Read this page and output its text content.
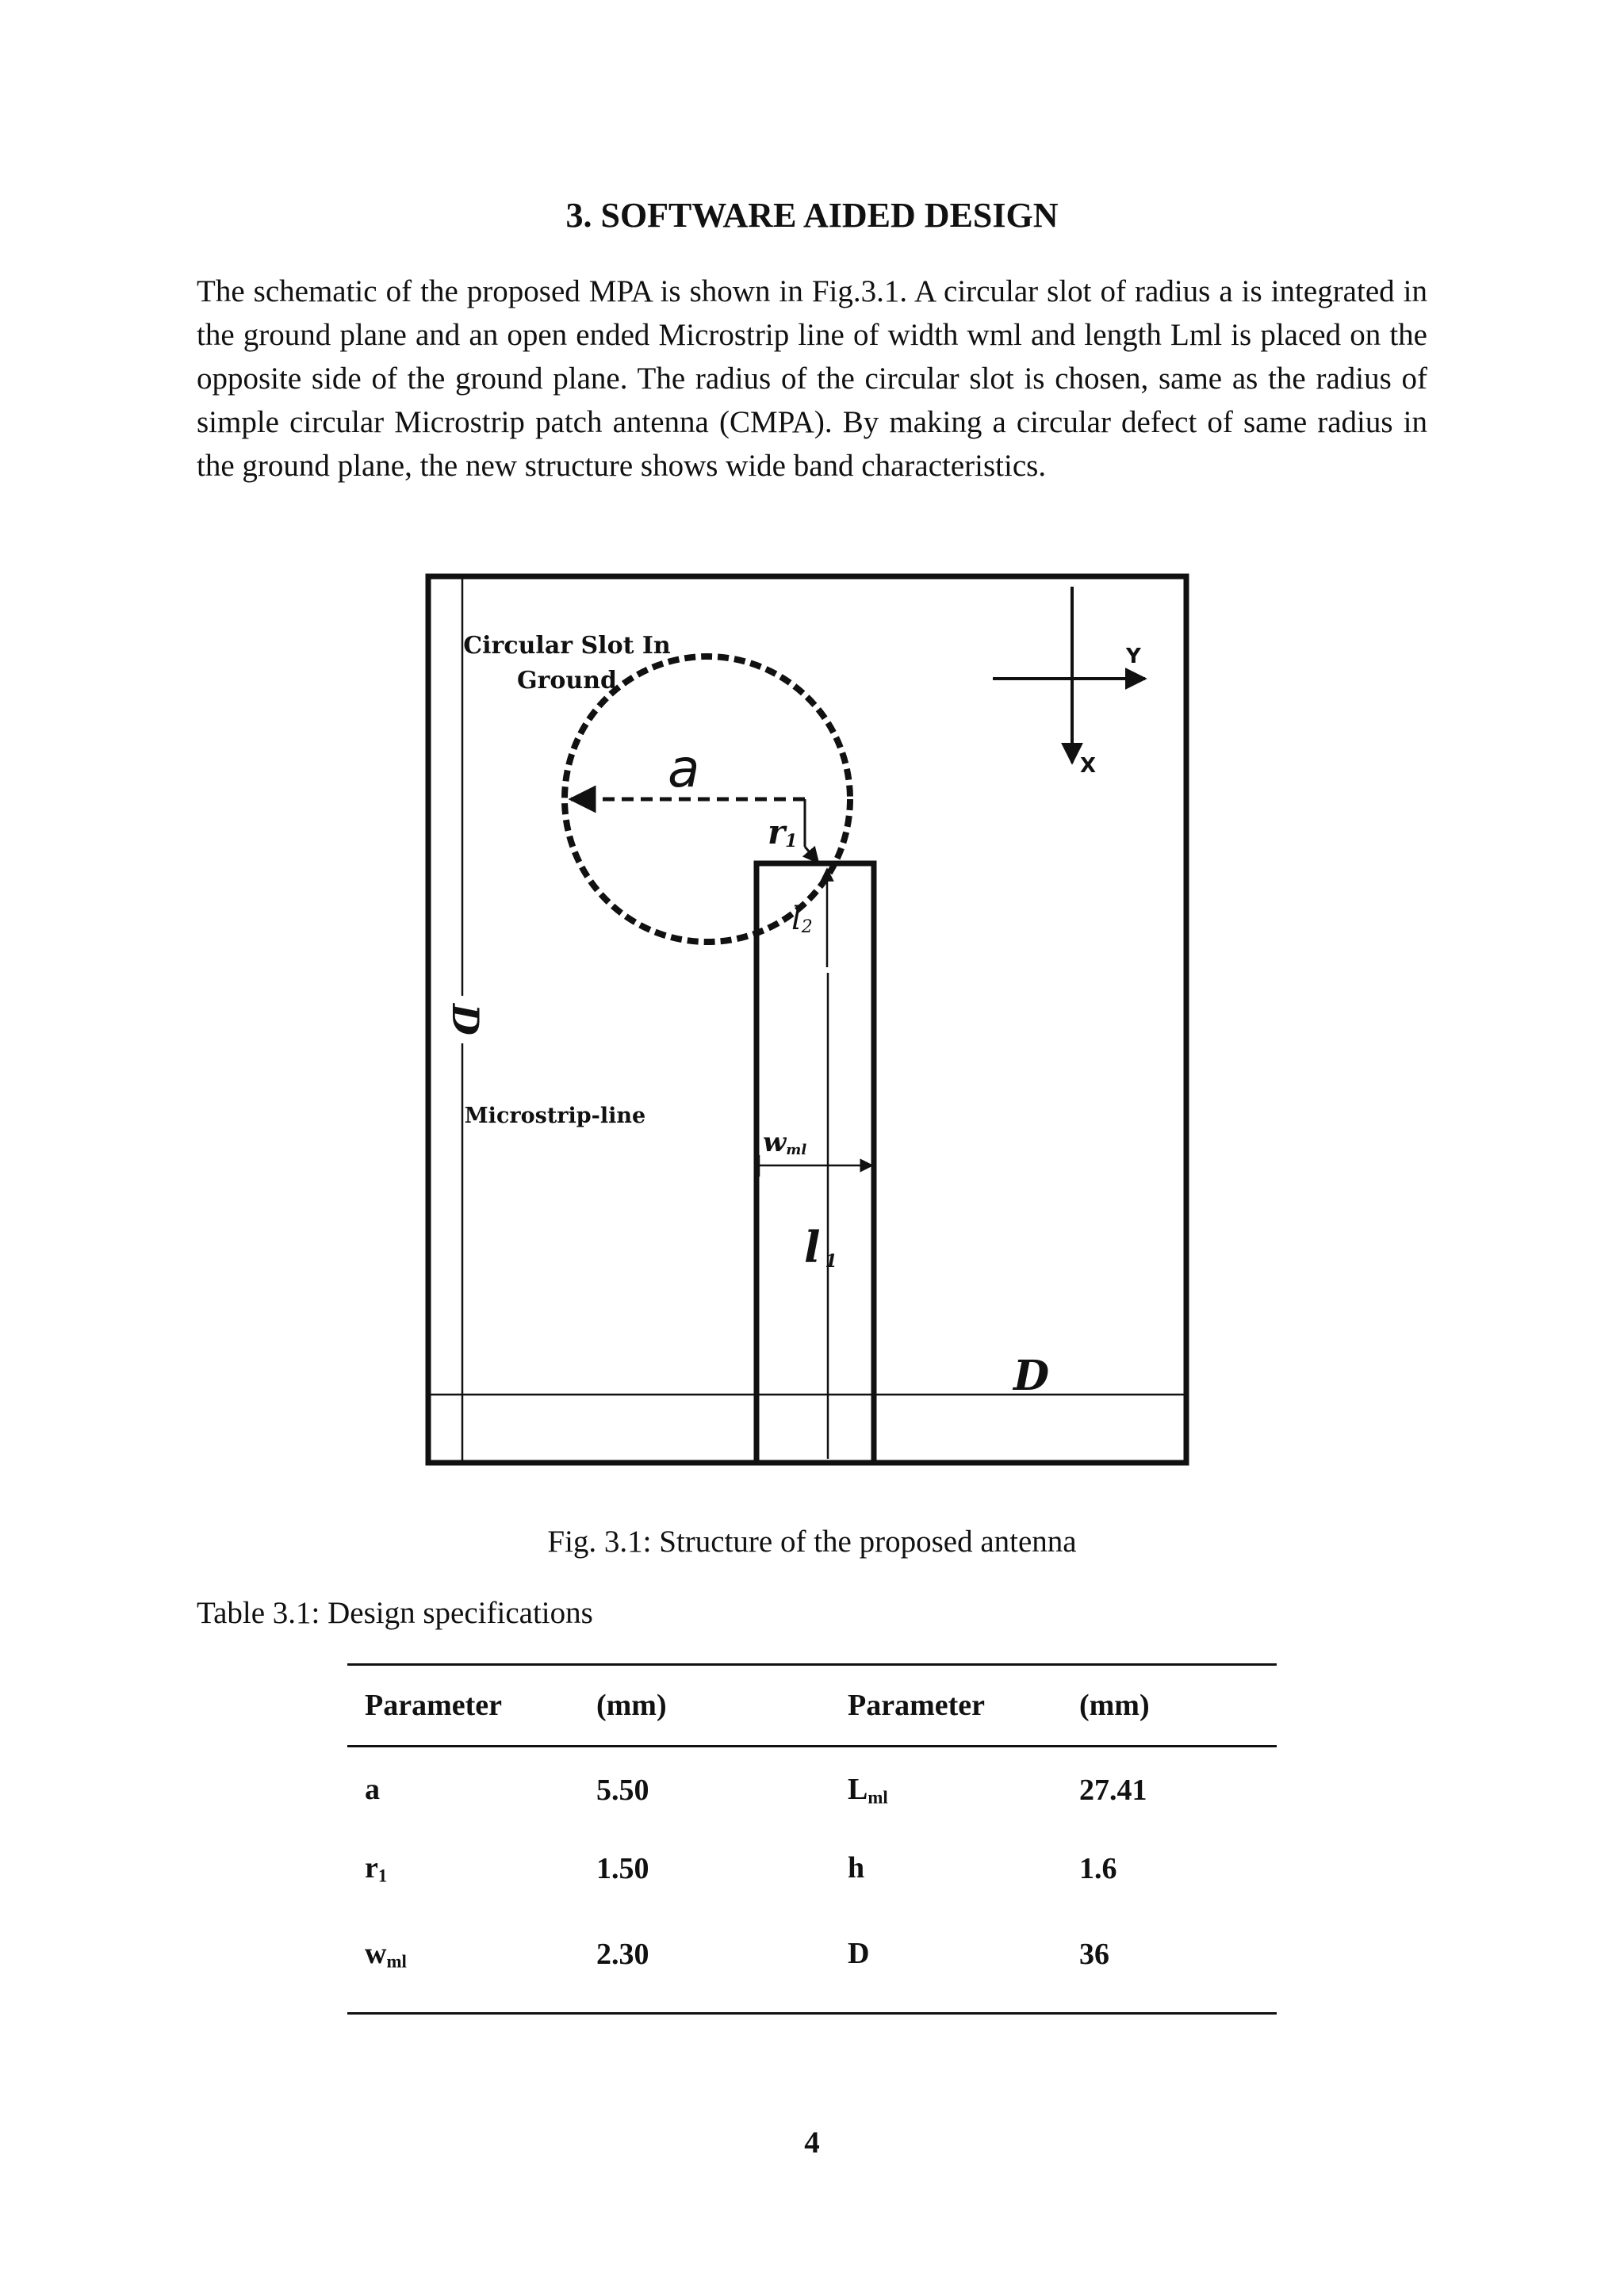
3. SOFTWARE AIDED DESIGN

The schematic of the proposed MPA is shown in Fig.3.1. A circular slot of radius a is integrated in the ground plane and an open ended Microstrip line of width wml and length Lml is placed on the opposite side of the ground plane. The radius of the circular slot is chosen, same as the radius of simple circular Microstrip patch antenna (CMPA). By making a circular defect of same radius in the ground plane, the new structure shows wide band characteristics.

Circular Slot In
Ground
Microstrip-line
a
r1
l2
wml
l 1
D
D
Y
X

Fig. 3.1: Structure of the proposed antenna

Table 3.1: Design specifications

Parameter	(mm)	Parameter	(mm)
a	5.50	$L_{ml}$	27.41
$r_1$	1.50	h	1.6
$w_{ml}$	2.30	D	36

4
